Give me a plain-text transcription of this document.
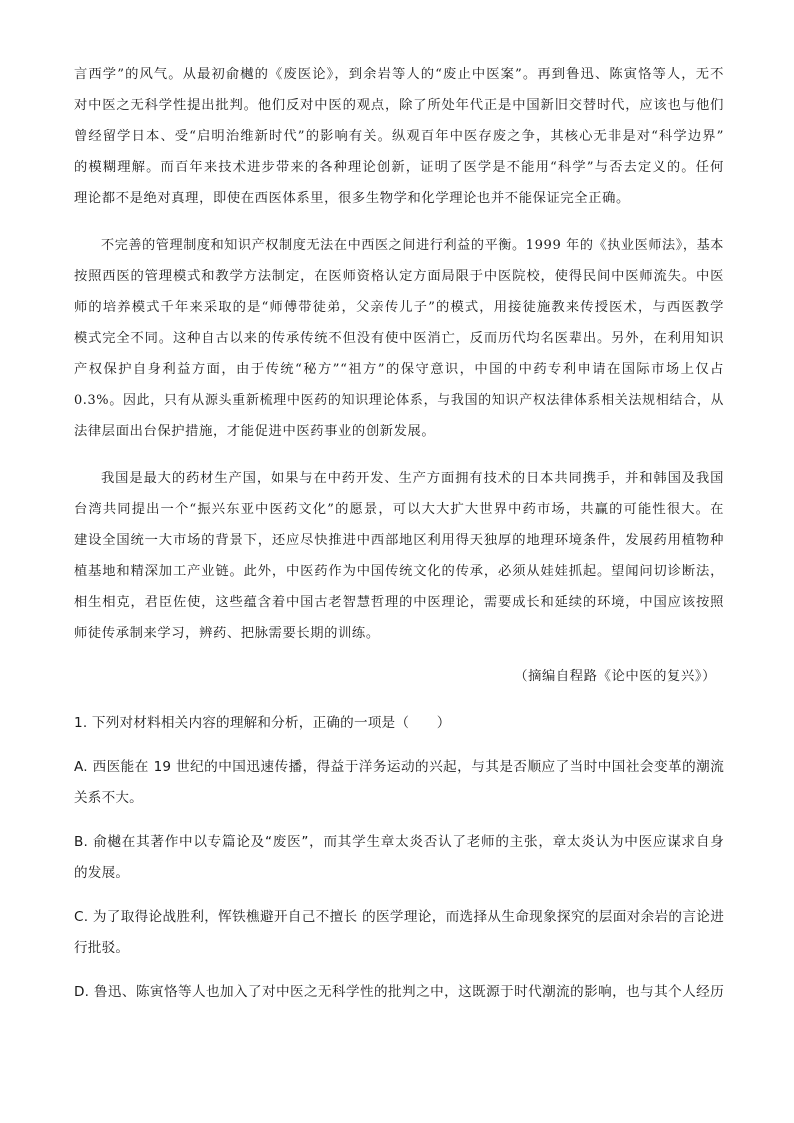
言西学”的风气。从最初俞樾的《废医论》，到余岩等人的“废止中医案”。再到鲁迅、陈寅恪等人，无不
对中医之无科学性提出批判。他们反对中医的观点，除了所处年代正是中国新旧交替时代，应该也与他们
曾经留学日本、受“启明治维新时代”的影响有关。纵观百年中医存废之争，其核心无非是对“科学边界”
的模糊理解。而百年来技术进步带来的各种理论创新，证明了医学是不能用“科学”与否去定义的。任何
理论都不是绝对真理，即使在西医体系里，很多生物学和化学理论也并不能保证完全正确。
不完善的管理制度和知识产权制度无法在中西医之间进行利益的平衡。1999 年的《执业医师法》，基本
按照西医的管理模式和教学方法制定，在医师资格认定方面局限于中医院校，使得民间中医师流失。中医
师的培养模式千年来采取的是“师傅带徒弟，父亲传儿子”的模式，用接徒施教来传授医术，与西医教学
模式完全不同。这种自古以来的传承传统不但没有使中医消亡，反而历代均名医辈出。另外，在利用知识
产权保护自身利益方面，由于传统“秘方”“祖方”的保守意识，中国的中药专利申请在国际市场上仅占
0.3%。因此，只有从源头重新梳理中医药的知识理论体系，与我国的知识产权法律体系相关法规相结合，从
法律层面出台保护措施，才能促进中医药事业的创新发展。
我国是最大的药材生产国，如果与在中药开发、生产方面拥有技术的日本共同携手，并和韩国及我国
台湾共同提出一个“振兴东亚中医药文化”的愿景，可以大大扩大世界中药市场，共赢的可能性很大。在
建设全国统一大市场的背景下，还应尽快推进中西部地区利用得天独厚的地理环境条件，发展药用植物种
植基地和精深加工产业链。此外，中医药作为中国传统文化的传承，必须从娃娃抓起。望闻问切诊断法，
相生相克，君臣佐使，这些蕴含着中国古老智慧哲理的中医理论，需要成长和延续的环境，中国应该按照
师徒传承制来学习，辨药、把脉需要长期的训练。
（摘编自程路《论中医的复兴》）
1. 下列对材料相关内容的理解和分析，正确的一项是（　　）
A. 西医能在 19 世纪的中国迅速传播，得益于洋务运动的兴起，与其是否顺应了当时中国社会变革的潮流
关系不大。
B. 俞樾在其著作中以专篇论及“废医”，而其学生章太炎否认了老师的主张，章太炎认为中医应谋求自身
的发展。
C. 为了取得论战胜利，恽铁樵避开自己不擅长 的医学理论，而选择从生命现象探究的层面对余岩的言论进
行批驳。
D. 鲁迅、陈寅恪等人也加入了对中医之无科学性的批判之中，这既源于时代潮流的影响，也与其个人经历
